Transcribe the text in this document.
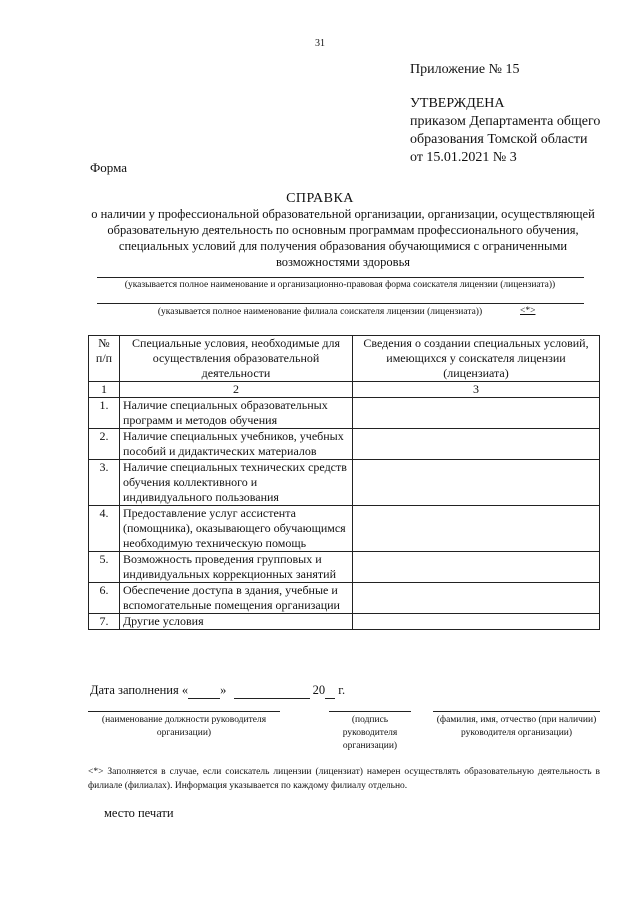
31
Приложение № 15
УТВЕРЖДЕНА
приказом Департамента общего
образования Томской области
от 15.01.2021 № 3
Форма
СПРАВКА
о наличии у профессиональной образовательной организации, организации, осуществляющей образовательную деятельность по основным программам профессионального обучения, специальных условий для получения образования обучающимися с ограниченными возможностями здоровья
(указывается полное наименование и организационно-правовая форма соискателя лицензии (лицензиата))
(указывается полное наименование филиала соискателя лицензии (лицензиата))	<*>
№ п/п	Специальные условия, необходимые для осуществления образовательной деятельности	Сведения о создании специальных условий, имеющихся у соискателя лицензии (лицензиата)
1	2	3
1.	Наличие специальных образовательных программ и методов обучения	
2.	Наличие специальных учебников, учебных пособий и дидактических материалов	
3.	Наличие специальных технических средств обучения коллективного и индивидуального пользования	
4.	Предоставление услуг ассистента (помощника), оказывающего обучающимся необходимую техническую помощь	
5.	Возможность проведения групповых и индивидуальных коррекционных занятий	
6.	Обеспечение доступа в здания, учебные и вспомогательные помещения организации	
7.	Другие условия	
Дата заполнения «	»	20 г.
(наименование должности руководителя организации)
(подпись руководителя организации)
(фамилия, имя, отчество (при наличии) руководителя организации)
<*> Заполняется в случае, если соискатель лицензии (лицензиат) намерен осуществлять образовательную деятельность в филиале (филиалах). Информация указывается по каждому филиалу отдельно.
место печати
